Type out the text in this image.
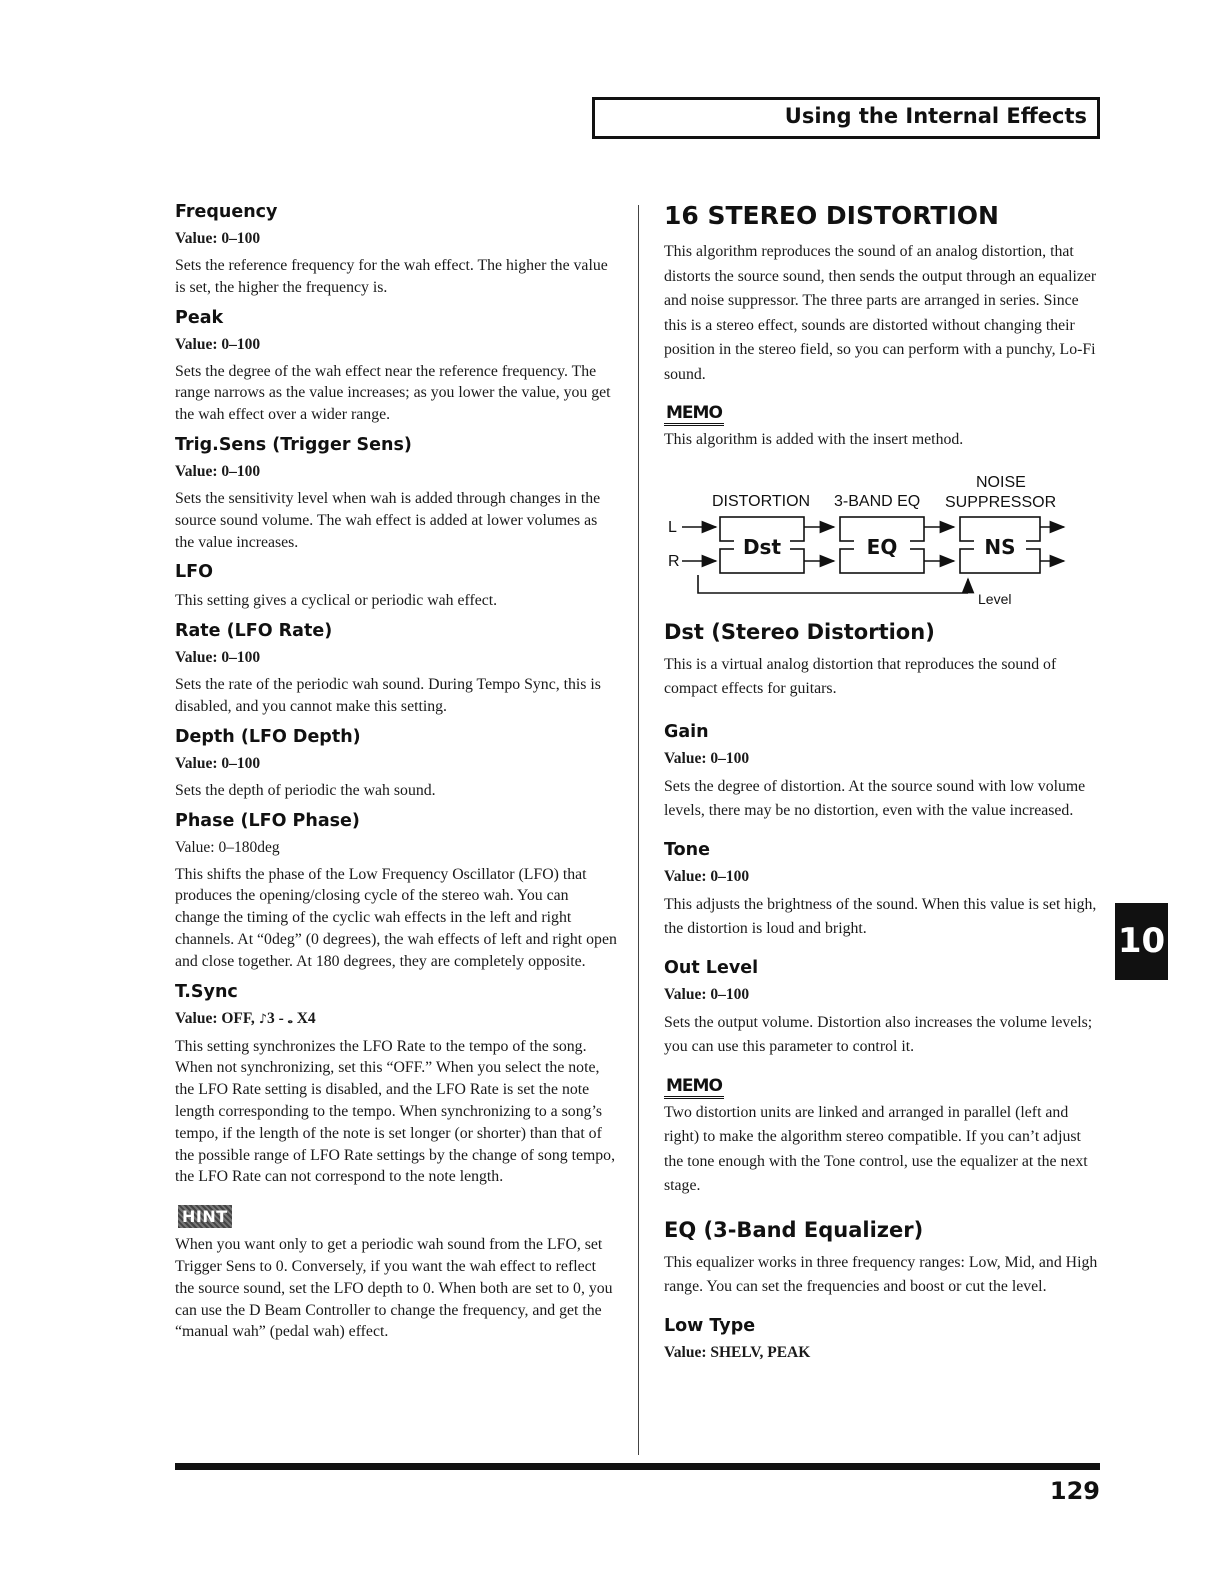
Using the Internal Effects
Frequency

Value: 0–100

Sets the reference frequency for the wah effect. The higher the value is set, the higher the frequency is.

Peak

Value: 0–100

Sets the degree of the wah effect near the reference frequency. The range narrows as the value increases; as you lower the value, you get the wah effect over a wider range.

Trig.Sens (Trigger Sens)

Value: 0–100

Sets the sensitivity level when wah is added through changes in the source sound volume. The wah effect is added at lower volumes as the value increases.

LFO

This setting gives a cyclical or periodic wah effect.

Rate (LFO Rate)

Value: 0–100

Sets the rate of the periodic wah sound. During Tempo Sync, this is disabled, and you cannot make this setting.

Depth (LFO Depth)

Value: 0–100

Sets the depth of periodic the wah sound.

Phase (LFO Phase)

Value: 0–180deg

This shifts the phase of the Low Frequency Oscillator (LFO) that produces the opening/closing cycle of the stereo wah. You can change the timing of the cyclic wah effects in the left and right channels. At “0deg” (0 degrees), the wah effects of left and right open and close together. At 180 degrees, they are completely opposite.

T.Sync

Value: OFF, ♪3 - 𝅝 X4

This setting synchronizes the LFO Rate to the tempo of the song. When not synchronizing, set this “OFF.” When you select the note, the LFO Rate setting is disabled, and the LFO Rate is set the note length corresponding to the tempo. When synchronizing to a song’s tempo, if the length of the note is set longer (or shorter) than that of the possible range of LFO Rate settings by the change of song tempo, the LFO Rate can not correspond to the note length.

HINT

When you want only to get a periodic wah sound from the LFO, set Trigger Sens to 0. Conversely, if you want the wah effect to reflect the source sound, set the LFO depth to 0. When both are set to 0, you can use the D Beam Controller to change the frequency, and get the “manual wah” (pedal wah) effect.

16 STEREO DISTORTION

This algorithm reproduces the sound of an analog distortion, that distorts the source sound, then sends the output through an equalizer and noise suppressor. The three parts are arranged in series. Since this is a stereo effect, sounds are distorted without changing their position in the stereo field, so you can perform with a punchy, Lo-Fi sound.

MEMO

This algorithm is added with the insert method.

DISTORTION 3-BAND EQ
NOISE
SUPPRESSOR
L
R
Level
Dst	EQ	NS
Dst (Stereo Distortion)

This is a virtual analog distortion that reproduces the sound of compact effects for guitars.

Gain

Value: 0–100

Sets the degree of distortion. At the source sound with low volume levels, there may be no distortion, even with the value increased.

Tone

Value: 0–100

This adjusts the brightness of the sound. When this value is set high, the distortion is loud and bright.

Out Level

Value: 0–100

Sets the output volume. Distortion also increases the volume levels; you can use this parameter to control it.

MEMO

Two distortion units are linked and arranged in parallel (left and right) to make the algorithm stereo compatible. If you can’t adjust the tone enough with the Tone control, use the equalizer at the next stage.

EQ (3-Band Equalizer)

This equalizer works in three frequency ranges: Low, Mid, and High range. You can set the frequencies and boost or cut the level.

Low Type

Value: SHELV, PEAK

10
129
